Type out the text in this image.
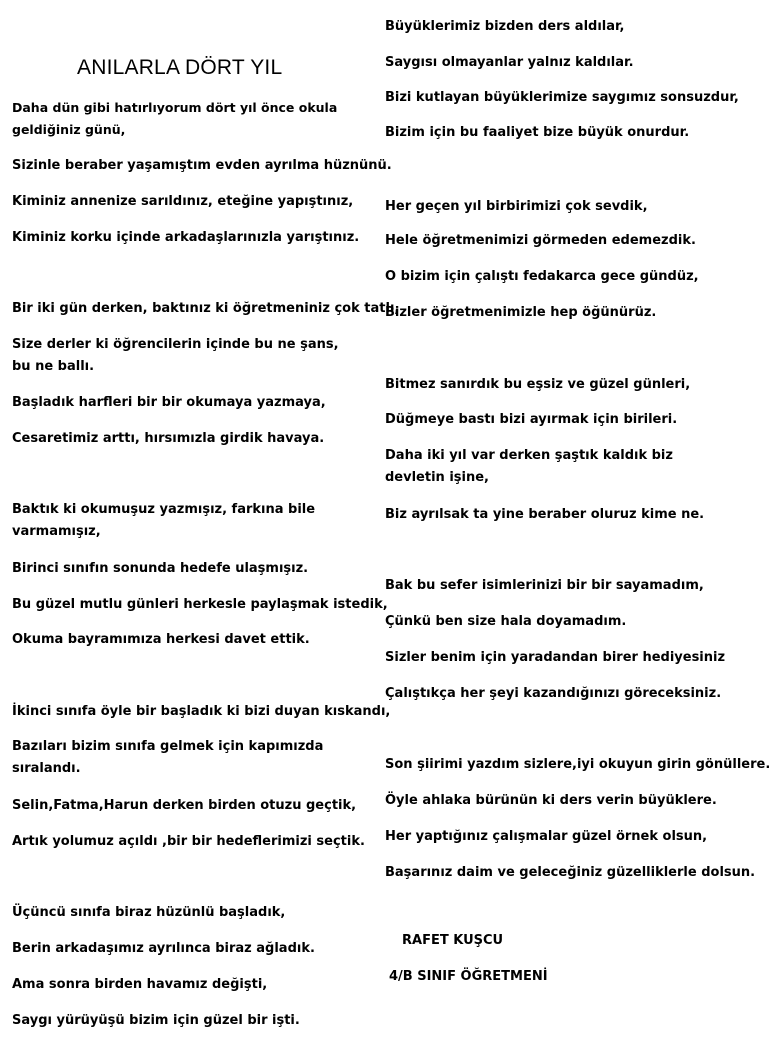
ANILARLA DÖRT YIL
Daha dün gibi hatırlıyorum dört yıl önce okula geldiğiniz günü,
Sizinle beraber yaşamıştım evden ayrılma hüznünü.
Kiminiz annenize sarıldınız, eteğine yapıştınız,
Kiminiz korku içinde arkadaşlarınızla yarıştınız.
Bir iki gün derken, baktınız ki öğretmeniniz çok tatlı,
Size derler ki öğrencilerin içinde bu ne şans, bu ne ballı.
Başladık harfleri bir bir okumaya yazmaya,
Cesaretimiz arttı, hırsımızla girdik havaya.
Baktık ki okumuşuz yazmışız, farkına bile varmamışız,
Birinci sınıfın sonunda hedefe ulaşmışız.
Bu güzel mutlu günleri herkesle paylaşmak istedik,
Okuma bayramımıza herkesi davet ettik.
İkinci sınıfa öyle bir başladık ki bizi duyan kıskandı,
Bazıları bizim sınıfa gelmek için kapımızda sıralandı.
Selin,Fatma,Harun derken birden otuzu geçtik,
Artık yolumuz açıldı ,bir bir hedeflerimizi seçtik.
Üçüncü sınıfa biraz hüzünlü başladık,
Berin arkadaşımız ayrılınca biraz ağladık.
Ama sonra birden havamız değişti,
Saygı yürüyüşü bizim için güzel bir işti.
Büyüklerimiz bizden ders aldılar,
Saygısı olmayanlar yalnız kaldılar.
Bizi kutlayan büyüklerimize saygımız sonsuzdur,
Bizim için bu faaliyet bize büyük onurdur.
Her geçen yıl birbirimizi çok sevdik,
Hele öğretmenimizi görmeden edemezdik.
O bizim için çalıştı fedakarca gece gündüz,
Bizler öğretmenimizle hep öğünürüz.
Bitmez sanırdık bu eşsiz ve güzel günleri,
Düğmeye bastı bizi ayırmak için birileri.
Daha iki yıl var derken şaştık kaldık biz devletin işine,
Biz ayrılsak ta yine beraber oluruz kime ne.
Bak bu sefer isimlerinizi bir bir sayamadım,
Çünkü ben size hala doyamadım.
Sizler benim için yaradandan birer hediyesiniz
Çalıştıkça her şeyi kazandığınızı göreceksiniz.
Son şiirimi yazdım sizlere,iyi okuyun girin gönüllere.
Öyle ahlaka bürünün ki ders verin büyüklere.
Her yaptığınız çalışmalar güzel örnek olsun,
Başarınız daim ve geleceğiniz güzelliklerle dolsun.
RAFET KUŞCU
4/B SINIF ÖĞRETMENİ
